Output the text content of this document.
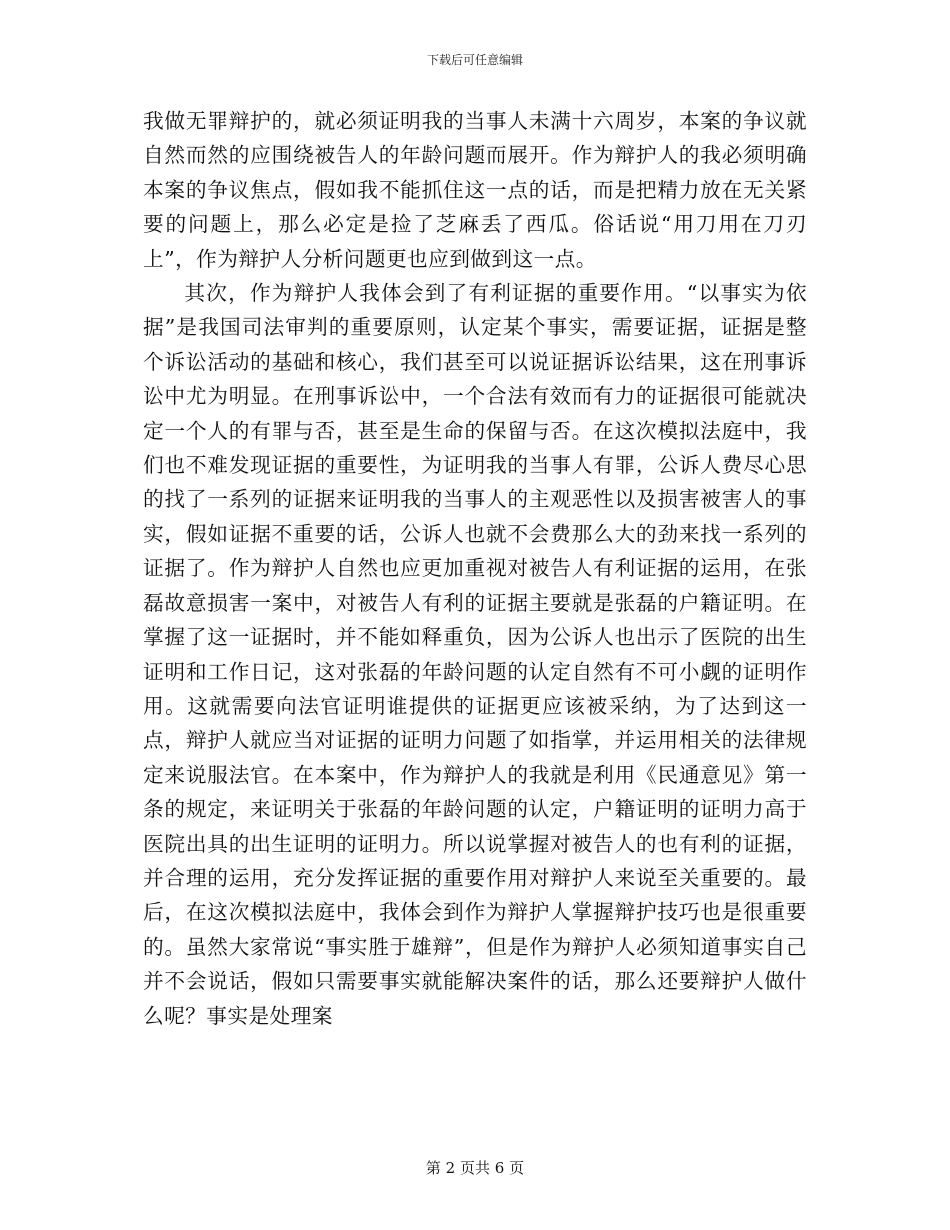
下载后可任意编辑

我做无罪辩护的，就必须证明我的当事人未满十六周岁，本案的争议就自然而然的应围绕被告人的年龄问题而展开。作为辩护人的我必须明确本案的争议焦点，假如我不能抓住这一点的话，而是把精力放在无关紧要的问题上，那么必定是捡了芝麻丢了西瓜。俗话说“用刀用在刀刃上”，作为辩护人分析问题更也应到做到这一点。

其次，作为辩护人我体会到了有利证据的重要作用。“以事实为依据”是我国司法审判的重要原则，认定某个事实，需要证据，证据是整个诉讼活动的基础和核心，我们甚至可以说证据诉讼结果，这在刑事诉讼中尤为明显。在刑事诉讼中，一个合法有效而有力的证据很可能就决定一个人的有罪与否，甚至是生命的保留与否。在这次模拟法庭中，我们也不难发现证据的重要性，为证明我的当事人有罪，公诉人费尽心思的找了一系列的证据来证明我的当事人的主观恶性以及损害被害人的事实，假如证据不重要的话，公诉人也就不会费那么大的劲来找一系列的证据了。作为辩护人自然也应更加重视对被告人有利证据的运用，在张磊故意损害一案中，对被告人有利的证据主要就是张磊的户籍证明。在掌握了这一证据时，并不能如释重负，因为公诉人也出示了医院的出生证明和工作日记，这对张磊的年龄问题的认定自然有不可小觑的证明作用。这就需要向法官证明谁提供的证据更应该被采纳，为了达到这一点，辩护人就应当对证据的证明力问题了如指掌，并运用相关的法律规定来说服法官。在本案中，作为辩护人的我就是利用《民通意见》第一条的规定，来证明关于张磊的年龄问题的认定，户籍证明的证明力高于医院出具的出生证明的证明力。所以说掌握对被告人的也有利的证据，并合理的运用，充分发挥证据的重要作用对辩护人来说至关重要的。最后，在这次模拟法庭中，我体会到作为辩护人掌握辩护技巧也是很重要的。虽然大家常说“事实胜于雄辩”，但是作为辩护人必须知道事实自己并不会说话，假如只需要事实就能解决案件的话，那么还要辩护人做什么呢？事实是处理案

第 2 页共 6 页
